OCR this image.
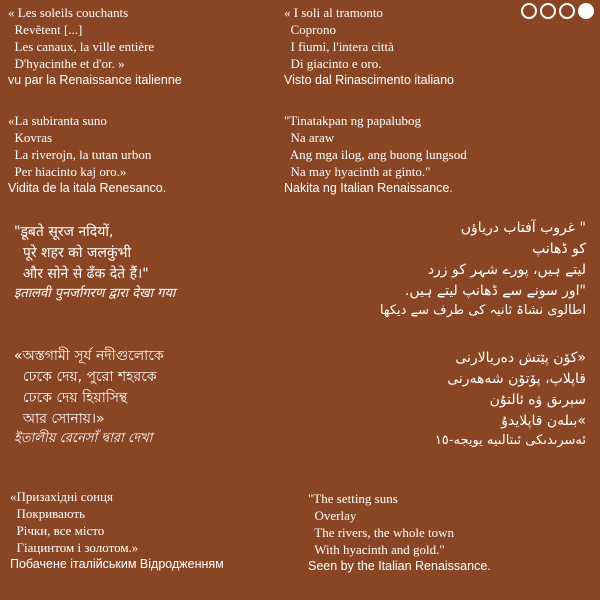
« Les soleils couchants
Revêtent [...]
Les canaux, la ville entière
D'hyacinthe et d'or. »
vu par la Renaissance italienne
« I soli al tramonto
Coprono
I fiumi, l'intera città
Di giacinto e oro.
Visto dal Rinascimento italiano
«La subiranta suno
Kovras
La riverojn, la tutan urbon
Per hiacinto kaj oro.»
Vidita de la itala Renesanco.
"Tinatakpan ng papalubog
Na araw
Ang mga ilog, ang buong lungsod
Na may hyacinth at ginto."
Nakita ng Italian Renaissance.
"डूबते सूरज नदियों,
पूरे शहर को जलकुंभी
और सोने से ढँक देते हैं।"
इतालवी पुनर्जागरण द्वारा देखा गया
" غروب آفتاب دریاؤں
کو ڈھانپ
لیتے ہیں، پورے شہر کو زرد
"اور سونے سے ڈھانپ لیتے ہیں.
اطالوی نشاۃ ثانیہ کی طرف سے دیکھا
«অস্তগামী সূর্য নদীগুলোকে
ঢেকে দেয়, পুরো শহরকে
ঢেকে দেয় হিয়াসিন্থ
আর সোনায়।»
ইতালীয় রেনেসাঁ দ্বারা দেখা
«کۆن پێتش دەریالارنی
قاپلاپ، پۆتۆن شەهەرنی
سېرىق ۋە ئالتۇن
»بىلەن قاپلايدۇ
ئەسرىدىكى ئىتالىيە يويجە-١٥
«Призахідні сонця
Покривають
Річки, все місто
Гіацинтом і золотом.»
Побачене італійським Відродженням
"The setting suns
Overlay
The rivers, the whole town
With hyacinth and gold."
Seen by the Italian Renaissance.
